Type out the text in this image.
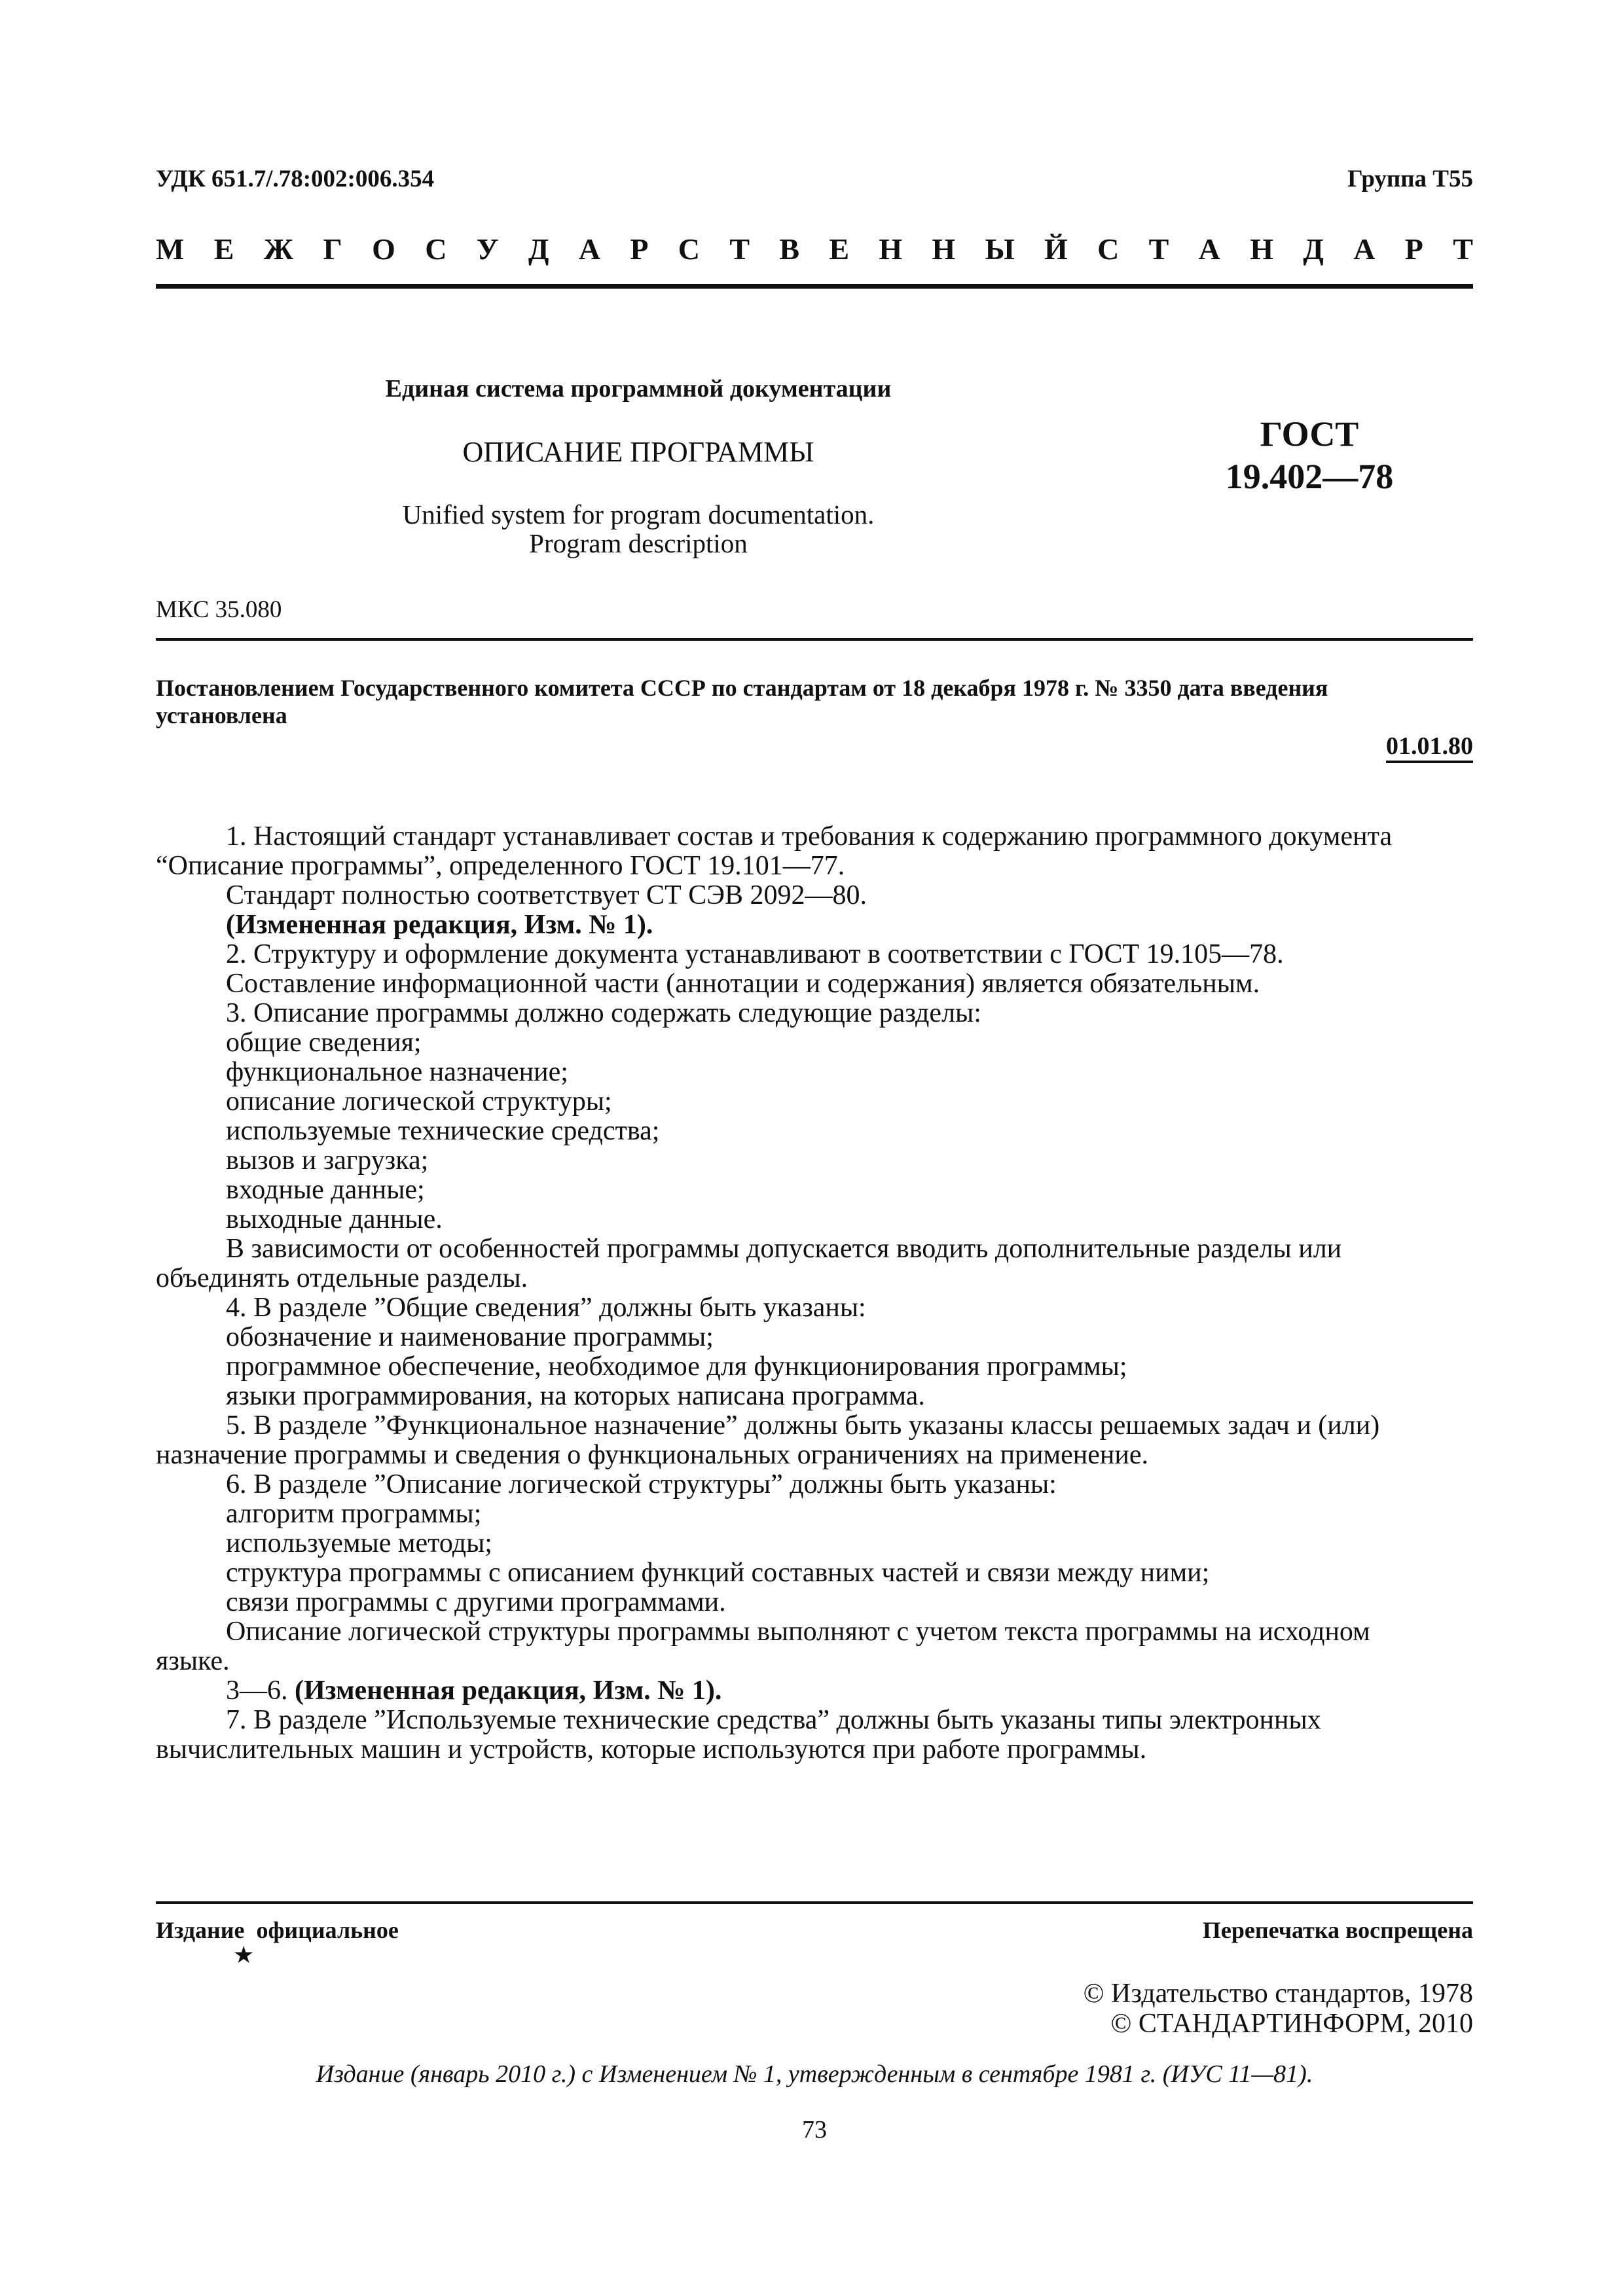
УДК 651.7/.78:002:006.354	Группа Т55
М Е Ж Г О С У Д А Р С Т В Е Н Н Ы Й С Т А Н Д А Р Т
Единая система программной документации
ОПИСАНИЕ ПРОГРАММЫ
Unified system for program documentation.
Program description
ГОСТ
19.402—78
МКС 35.080
Постановлением Государственного комитета СССР по стандартам от 18 декабря 1978 г. № 3350 дата введения
установлена
01.01.80

1. Настоящий стандарт устанавливает состав и требования к содержанию программного документа

“Описание программы”, определенного ГОСТ 19.101—77.

Стандарт полностью соответствует СТ СЭВ 2092—80.

(Измененная редакция, Изм. № 1).

2. Структуру и оформление документа устанавливают в соответствии с ГОСТ 19.105—78.

Составление информационной части (аннотации и содержания) является обязательным.

3. Описание программы должно содержать следующие разделы:

общие сведения;

функциональное назначение;

описание логической структуры;

используемые технические средства;

вызов и загрузка;

входные данные;

выходные данные.

В зависимости от особенностей программы допускается вводить дополнительные разделы или

объединять отдельные разделы.

4. В разделе ”Общие сведения” должны быть указаны:

обозначение и наименование программы;

программное обеспечение, необходимое для функционирования программы;

языки программирования, на которых написана программа.

5. В разделе ”Функциональное назначение” должны быть указаны классы решаемых задач и (или)

назначение программы и сведения о функциональных ограничениях на применение.

6. В разделе ”Описание логической структуры” должны быть указаны:

алгоритм программы;

используемые методы;

структура программы с описанием функций составных частей и связи между ними;

связи программы с другими программами.

Описание логической структуры программы выполняют с учетом текста программы на исходном

языке.

3—6. (Измененная редакция, Изм. № 1).

7. В разделе ”Используемые технические средства” должны быть указаны типы электронных

вычислительных машин и устройств, которые используются при работе программы.

Издание  официальное
★
Перепечатка воспрещена
© Издательство стандартов, 1978
© СТАНДАРТИНФОРМ, 2010
Издание (январь 2010 г.) с Изменением № 1, утвержденным в сентябре 1981 г. (ИУС 11—81).
73
